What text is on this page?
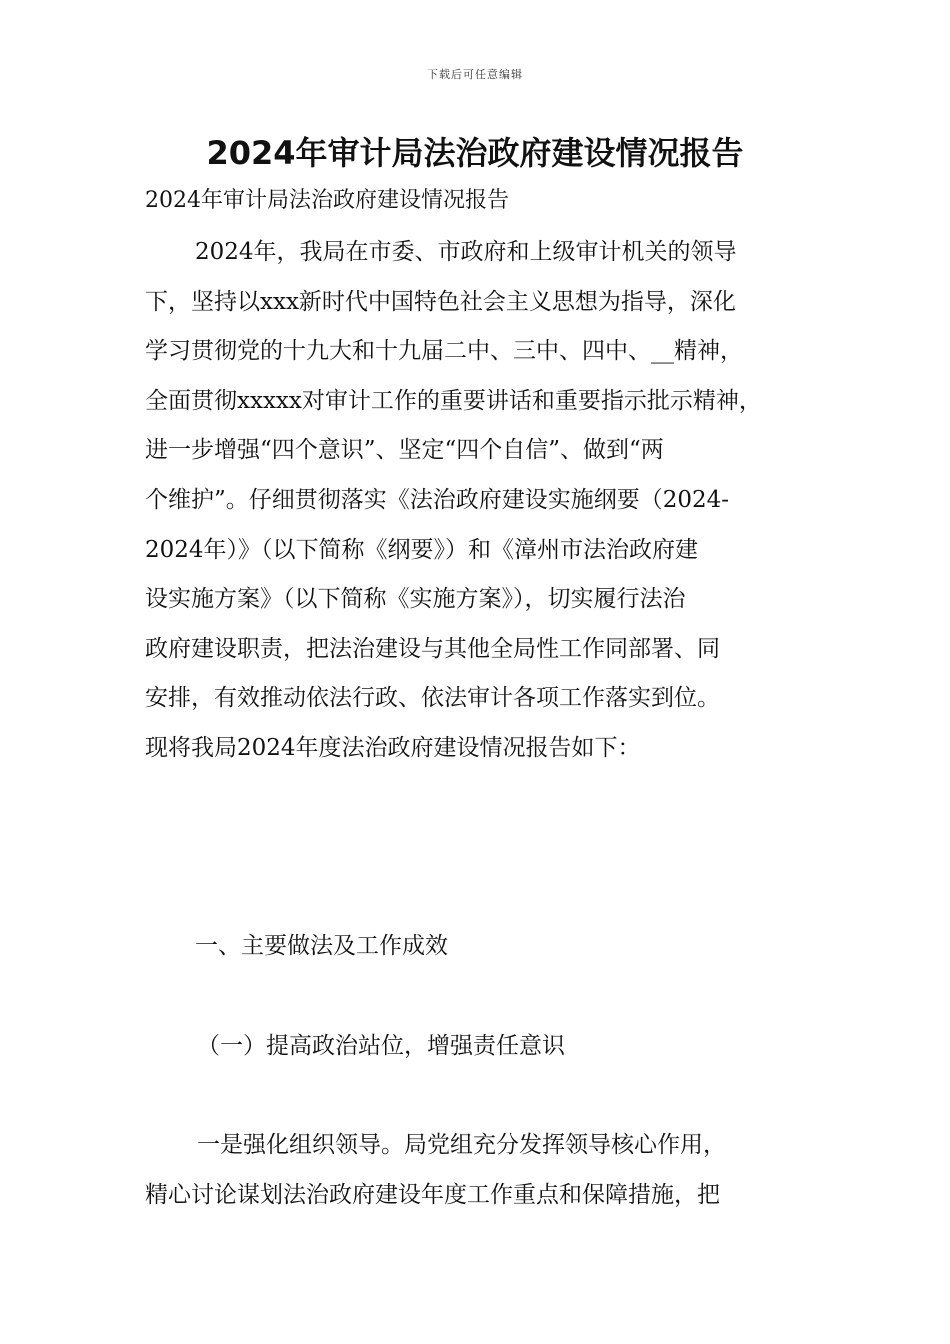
下载后可任意编辑
2024年审计局法治政府建设情况报告
2024年审计局法治政府建设情况报告
2024年，我局在市委、市政府和上级审计机关的领导
下，坚持以xxx新时代中国特色社会主义思想为指导，深化
学习贯彻党的十九大和十九届二中、三中、四中、__精神，
全面贯彻xxxxx对审计工作的重要讲话和重要指示批示精神，
进一步增强“四个意识”、坚定“四个自信”、做到“两
个维护”。仔细贯彻落实《法治政府建设实施纲要（2024-
2024年）》（以下简称《纲要》）和《漳州市法治政府建
设实施方案》（以下简称《实施方案》），切实履行法治
政府建设职责，把法治建设与其他全局性工作同部署、同
安排，有效推动依法行政、依法审计各项工作落实到位。
现将我局2024年度法治政府建设情况报告如下：
一、主要做法及工作成效
（一）提高政治站位，增强责任意识
一是强化组织领导。局党组充分发挥领导核心作用，
精心讨论谋划法治政府建设年度工作重点和保障措施，把
